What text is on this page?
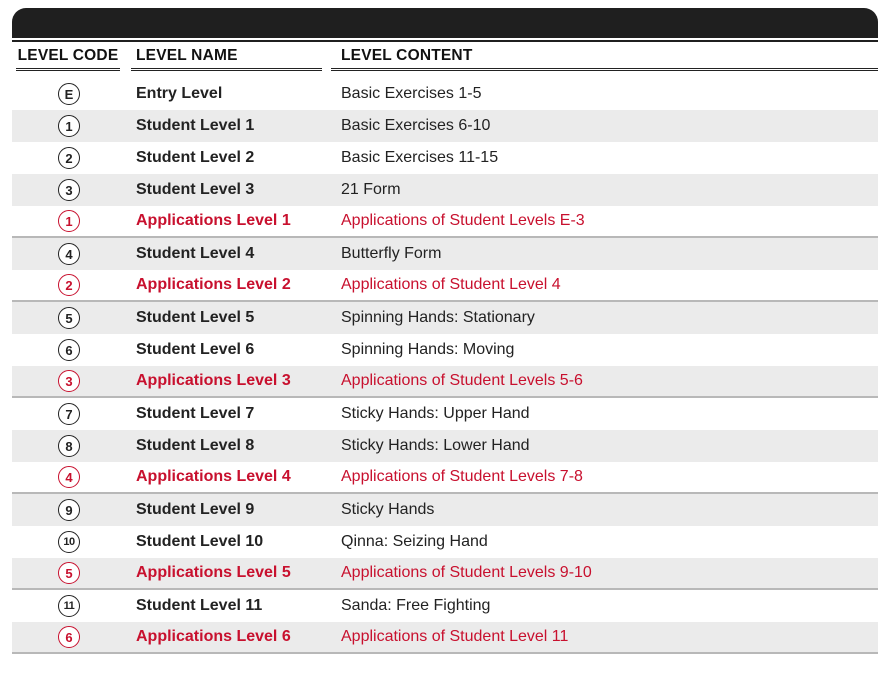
LEVEL CODE	LEVEL NAME	LEVEL CONTENT
E	Entry Level	Basic Exercises 1-5
1	Student Level 1	Basic Exercises 6-10
2	Student Level 2	Basic Exercises 11-15
3	Student Level 3	21 Form
1	Applications Level 1	Applications of Student Levels E-3
4	Student Level 4	Butterfly Form
2	Applications Level 2	Applications of Student Level 4
5	Student Level 5	Spinning Hands: Stationary
6	Student Level 6	Spinning Hands: Moving
3	Applications Level 3	Applications of Student Levels 5-6
7	Student Level 7	Sticky Hands: Upper Hand
8	Student Level 8	Sticky Hands: Lower Hand
4	Applications Level 4	Applications of Student Levels 7-8
9	Student Level 9	Sticky Hands
10	Student Level 10	Qinna: Seizing Hand
5	Applications Level 5	Applications of Student Levels 9-10
11	Student Level 11	Sanda: Free Fighting
6	Applications Level 6	Applications of Student Level 11
